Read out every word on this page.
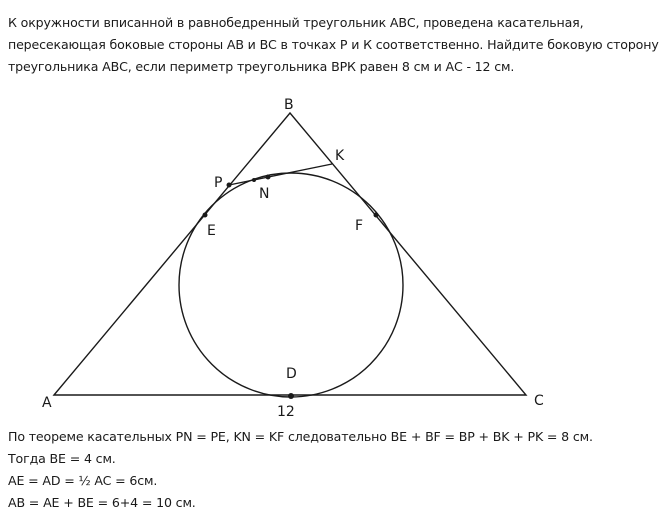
К окружности вписанной в равнобедренный треугольник АВС, проведена касательная,
пересекающая боковые стороны АВ и ВС в точках Р и К соответственно. Найдите боковую сторону
треугольника АВС, если периметр треугольника ВРК равен 8 см и АС - 12 см.
B
K
P
N
E	F
D
A	C
12
По теореме касательных PN = PE, KN = KF следовательно BE + BF = BP + BK + PK = 8 см.
Тогда BE = 4 см.
AE = AD = ½ AC = 6см.
AB = AE + BE = 6+4 = 10 см.
